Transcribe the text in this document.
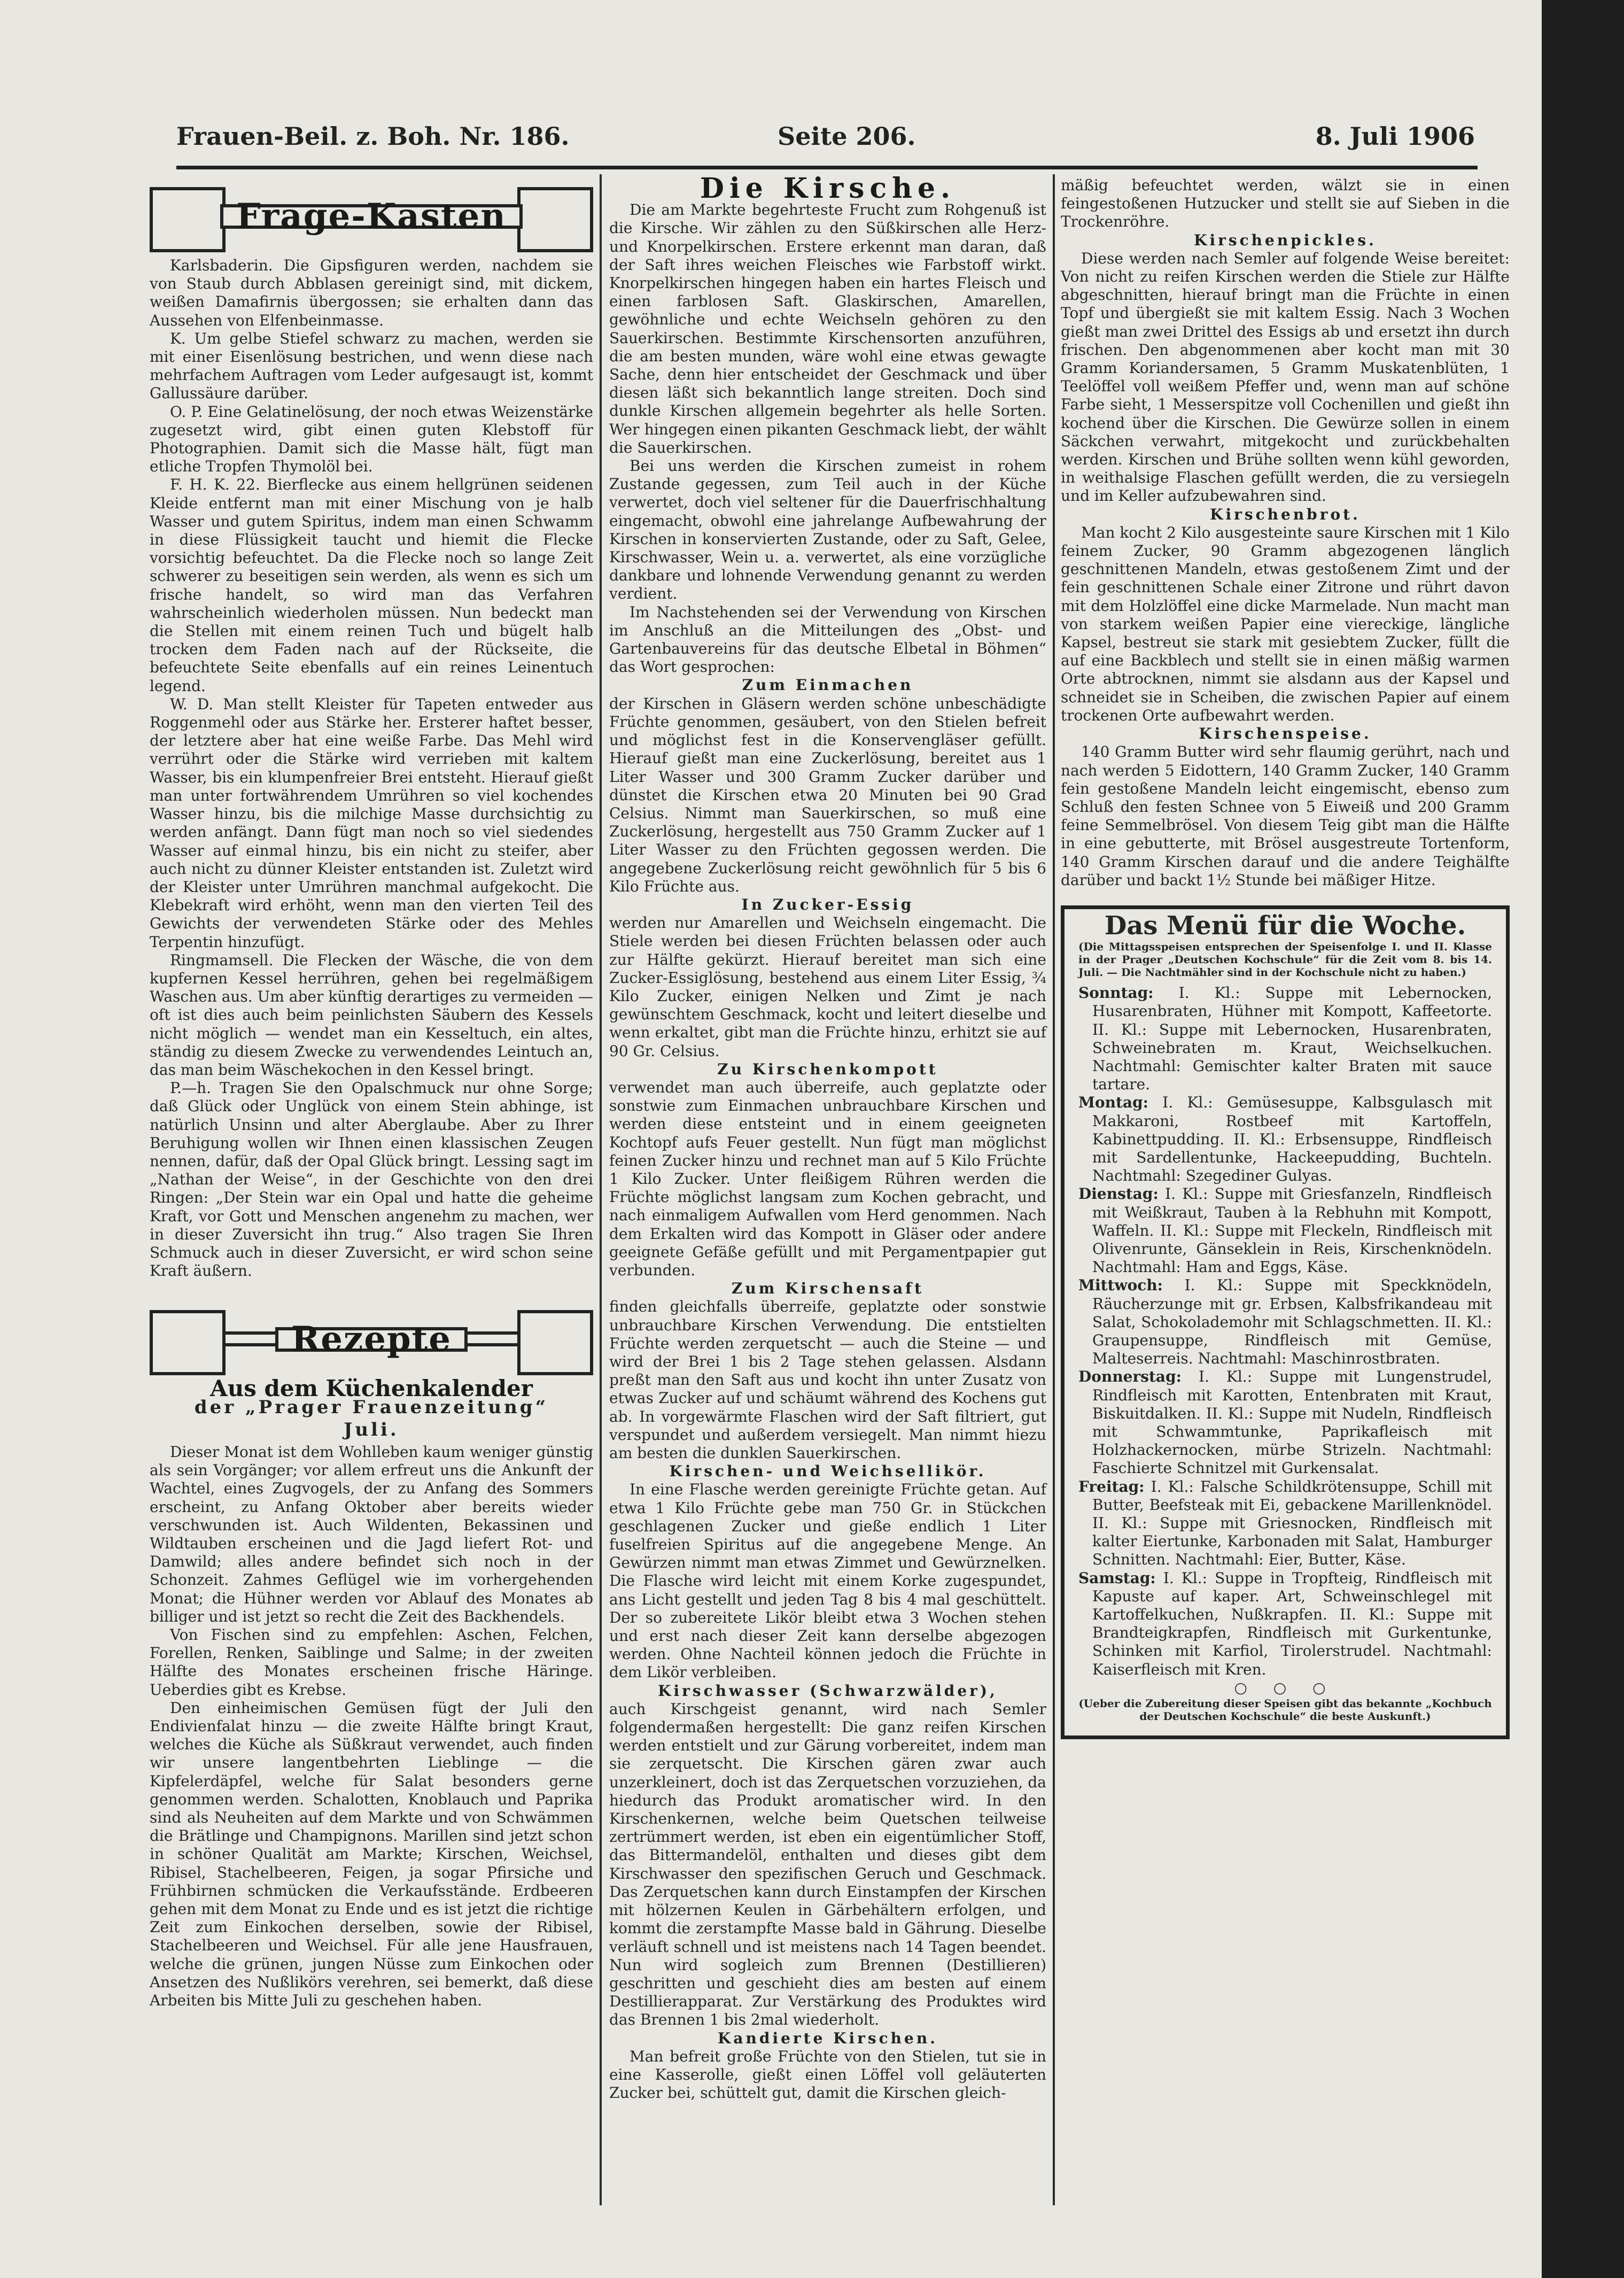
Frauen-Beil. z. Boh. Nr. 186.	Seite 206.	8. Juli 1906
Frage-Kasten

Karlsbaderin. Die Gipsfiguren werden, nachdem sie von Staub durch Abblasen gereinigt sind, mit dickem, weißen Damafirnis übergossen; sie erhalten dann das Aussehen von Elfenbeinmasse.

K. Um gelbe Stiefel schwarz zu machen, werden sie mit einer Eisenlösung bestrichen, und wenn diese nach mehrfachem Auftragen vom Leder aufgesaugt ist, kommt Gallussäure darüber.

O. P. Eine Gelatinelösung, der noch etwas Weizenstärke zugesetzt wird, gibt einen guten Klebstoff für Photographien. Damit sich die Masse hält, fügt man etliche Tropfen Thymolöl bei.

F. H. K. 22. Bierflecke aus einem hellgrünen seidenen Kleide entfernt man mit einer Mischung von je halb Wasser und gutem Spiritus, indem man einen Schwamm in diese Flüssigkeit taucht und hiemit die Flecke vorsichtig befeuchtet. Da die Flecke noch so lange Zeit schwerer zu beseitigen sein werden, als wenn es sich um frische handelt, so wird man das Verfahren wahrscheinlich wiederholen müssen. Nun bedeckt man die Stellen mit einem reinen Tuch und bügelt halb trocken dem Faden nach auf der Rückseite, die befeuchtete Seite ebenfalls auf ein reines Leinentuch legend.

W. D. Man stellt Kleister für Tapeten entweder aus Roggenmehl oder aus Stärke her. Ersterer haftet besser, der letztere aber hat eine weiße Farbe. Das Mehl wird verrührt oder die Stärke wird verrieben mit kaltem Wasser, bis ein klumpenfreier Brei entsteht. Hierauf gießt man unter fortwährendem Umrühren so viel kochendes Wasser hinzu, bis die milchige Masse durchsichtig zu werden anfängt. Dann fügt man noch so viel siedendes Wasser auf einmal hinzu, bis ein nicht zu steifer, aber auch nicht zu dünner Kleister entstanden ist. Zuletzt wird der Kleister unter Umrühren manchmal aufgekocht. Die Klebekraft wird erhöht, wenn man den vierten Teil des Gewichts der verwendeten Stärke oder des Mehles Terpentin hinzufügt.

Ringmamsell. Die Flecken der Wäsche, die von dem kupfernen Kessel herrühren, gehen bei regelmäßigem Waschen aus. Um aber künftig derartiges zu vermeiden — oft ist dies auch beim peinlichsten Säubern des Kessels nicht möglich — wendet man ein Kesseltuch, ein altes, ständig zu diesem Zwecke zu verwendendes Leintuch an, das man beim Wäschekochen in den Kessel bringt.

P.—h. Tragen Sie den Opalschmuck nur ohne Sorge; daß Glück oder Unglück von einem Stein abhinge, ist natürlich Unsinn und alter Aberglaube. Aber zu Ihrer Beruhigung wollen wir Ihnen einen klassischen Zeugen nennen, dafür, daß der Opal Glück bringt. Lessing sagt im „Nathan der Weise“, in der Geschichte von den drei Ringen: „Der Stein war ein Opal und hatte die geheime Kraft, vor Gott und Menschen angenehm zu machen, wer in dieser Zuversicht ihn trug.“ Also tragen Sie Ihren Schmuck auch in dieser Zuversicht, er wird schon seine Kraft äußern.

Rezepte
Aus dem Küchenkalender
der „Prager Frauenzeitung“
Juli.

Dieser Monat ist dem Wohlleben kaum weniger günstig als sein Vorgänger; vor allem erfreut uns die Ankunft der Wachtel, eines Zugvogels, der zu Anfang des Sommers erscheint, zu Anfang Oktober aber bereits wieder verschwunden ist. Auch Wildenten, Bekassinen und Wildtauben erscheinen und die Jagd liefert Rot- und Damwild; alles andere befindet sich noch in der Schonzeit. Zahmes Geflügel wie im vorhergehenden Monat; die Hühner werden vor Ablauf des Monates ab billiger und ist jetzt so recht die Zeit des Backhendels.

Von Fischen sind zu empfehlen: Aschen, Felchen, Forellen, Renken, Saiblinge und Salme; in der zweiten Hälfte des Monates erscheinen frische Häringe. Ueberdies gibt es Krebse.

Den einheimischen Gemüsen fügt der Juli den Endivienfalat hinzu — die zweite Hälfte bringt Kraut, welches die Küche als Süßkraut verwendet, auch finden wir unsere langentbehrten Lieblinge — die Kipfelerdäpfel, welche für Salat besonders gerne genommen werden. Schalotten, Knoblauch und Paprika sind als Neuheiten auf dem Markte und von Schwämmen die Brätlinge und Champignons. Marillen sind jetzt schon in schöner Qualität am Markte; Kirschen, Weichsel, Ribisel, Stachelbeeren, Feigen, ja sogar Pfirsiche und Frühbirnen schmücken die Verkaufsstände. Erdbeeren gehen mit dem Monat zu Ende und es ist jetzt die richtige Zeit zum Einkochen derselben, sowie der Ribisel, Stachelbeeren und Weichsel. Für alle jene Hausfrauen, welche die grünen, jungen Nüsse zum Einkochen oder Ansetzen des Nußlikörs verehren, sei bemerkt, daß diese Arbeiten bis Mitte Juli zu geschehen haben.

Die Kirsche.

Die am Markte begehrteste Frucht zum Rohgenuß ist die Kirsche. Wir zählen zu den Süßkirschen alle Herz- und Knorpelkirschen. Erstere erkennt man daran, daß der Saft ihres weichen Fleisches wie Farbstoff wirkt. Knorpelkirschen hingegen haben ein hartes Fleisch und einen farblosen Saft. Glaskirschen, Amarellen, gewöhnliche und echte Weichseln gehören zu den Sauerkirschen. Bestimmte Kirschensorten anzuführen, die am besten munden, wäre wohl eine etwas gewagte Sache, denn hier entscheidet der Geschmack und über diesen läßt sich bekanntlich lange streiten. Doch sind dunkle Kirschen allgemein begehrter als helle Sorten. Wer hingegen einen pikanten Geschmack liebt, der wählt die Sauerkirschen.

Bei uns werden die Kirschen zumeist in rohem Zustande gegessen, zum Teil auch in der Küche verwertet, doch viel seltener für die Dauerfrischhaltung eingemacht, obwohl eine jahrelange Aufbewahrung der Kirschen in konservierten Zustande, oder zu Saft, Gelee, Kirschwasser, Wein u. a. verwertet, als eine vorzügliche dankbare und lohnende Verwendung genannt zu werden verdient.

Im Nachstehenden sei der Verwendung von Kirschen im Anschluß an die Mitteilungen des „Obst- und Gartenbauvereins für das deutsche Elbetal in Böhmen“ das Wort gesprochen:

Zum Einmachen

der Kirschen in Gläsern werden schöne unbeschädigte Früchte genommen, gesäubert, von den Stielen befreit und möglichst fest in die Konservengläser gefüllt. Hierauf gießt man eine Zuckerlösung, bereitet aus 1 Liter Wasser und 300 Gramm Zucker darüber und dünstet die Kirschen etwa 20 Minuten bei 90 Grad Celsius. Nimmt man Sauerkirschen, so muß eine Zuckerlösung, hergestellt aus 750 Gramm Zucker auf 1 Liter Wasser zu den Früchten gegossen werden. Die angegebene Zuckerlösung reicht gewöhnlich für 5 bis 6 Kilo Früchte aus.

In Zucker-Essig

werden nur Amarellen und Weichseln eingemacht. Die Stiele werden bei diesen Früchten belassen oder auch zur Hälfte gekürzt. Hierauf bereitet man sich eine Zucker-Essiglösung, bestehend aus einem Liter Essig, ¾ Kilo Zucker, einigen Nelken und Zimt je nach gewünschtem Geschmack, kocht und leitert dieselbe und wenn erkaltet, gibt man die Früchte hinzu, erhitzt sie auf 90 Gr. Celsius.

Zu Kirschenkompott

verwendet man auch überreife, auch geplatzte oder sonstwie zum Einmachen unbrauchbare Kirschen und werden diese entsteint und in einem geeigneten Kochtopf aufs Feuer gestellt. Nun fügt man möglichst feinen Zucker hinzu und rechnet man auf 5 Kilo Früchte 1 Kilo Zucker. Unter fleißigem Rühren werden die Früchte möglichst langsam zum Kochen gebracht, und nach einmaligem Aufwallen vom Herd genommen. Nach dem Erkalten wird das Kompott in Gläser oder andere geeignete Gefäße gefüllt und mit Pergamentpapier gut verbunden.

Zum Kirschensaft

finden gleichfalls überreife, geplatzte oder sonstwie unbrauchbare Kirschen Verwendung. Die entstielten Früchte werden zerquetscht — auch die Steine — und wird der Brei 1 bis 2 Tage stehen gelassen. Alsdann preßt man den Saft aus und kocht ihn unter Zusatz von etwas Zucker auf und schäumt während des Kochens gut ab. In vorgewärmte Flaschen wird der Saft filtriert, gut verspundet und außerdem versiegelt. Man nimmt hiezu am besten die dunklen Sauerkirschen.

Kirschen- und Weichsellikör.

In eine Flasche werden gereinigte Früchte getan. Auf etwa 1 Kilo Früchte gebe man 750 Gr. in Stückchen geschlagenen Zucker und gieße endlich 1 Liter fuselfreien Spiritus auf die angegebene Menge. An Gewürzen nimmt man etwas Zimmet und Gewürznelken. Die Flasche wird leicht mit einem Korke zugespundet, ans Licht gestellt und jeden Tag 8 bis 4 mal geschüttelt. Der so zubereitete Likör bleibt etwa 3 Wochen stehen und erst nach dieser Zeit kann derselbe abgezogen werden. Ohne Nachteil können jedoch die Früchte in dem Likör verbleiben.

Kirschwasser (Schwarzwälder),

auch Kirschgeist genannt, wird nach Semler folgendermaßen hergestellt: Die ganz reifen Kirschen werden entstielt und zur Gärung vorbereitet, indem man sie zerquetscht. Die Kirschen gären zwar auch unzerkleinert, doch ist das Zerquetschen vorzuziehen, da hiedurch das Produkt aromatischer wird. In den Kirschenkernen, welche beim Quetschen teilweise zertrümmert werden, ist eben ein eigentümlicher Stoff, das Bittermandelöl, enthalten und dieses gibt dem Kirschwasser den spezifischen Geruch und Geschmack. Das Zerquetschen kann durch Einstampfen der Kirschen mit hölzernen Keulen in Gärbehältern erfolgen, und kommt die zerstampfte Masse bald in Gährung. Dieselbe verläuft schnell und ist meistens nach 14 Tagen beendet. Nun wird sogleich zum Brennen (Destillieren) geschritten und geschieht dies am besten auf einem Destillierapparat. Zur Verstärkung des Produktes wird das Brennen 1 bis 2mal wiederholt.

Kandierte Kirschen.

Man befreit große Früchte von den Stielen, tut sie in eine Kasserolle, gießt einen Löffel voll geläuterten Zucker bei, schüttelt gut, damit die Kirschen gleich-

mäßig befeuchtet werden, wälzt sie in einen feingestoßenen Hutzucker und stellt sie auf Sieben in die Trockenröhre.

Kirschenpickles.

Diese werden nach Semler auf folgende Weise bereitet: Von nicht zu reifen Kirschen werden die Stiele zur Hälfte abgeschnitten, hierauf bringt man die Früchte in einen Topf und übergießt sie mit kaltem Essig. Nach 3 Wochen gießt man zwei Drittel des Essigs ab und ersetzt ihn durch frischen. Den abgenommenen aber kocht man mit 30 Gramm Koriandersamen, 5 Gramm Muskatenblüten, 1 Teelöffel voll weißem Pfeffer und, wenn man auf schöne Farbe sieht, 1 Messerspitze voll Cochenillen und gießt ihn kochend über die Kirschen. Die Gewürze sollen in einem Säckchen verwahrt, mitgekocht und zurückbehalten werden. Kirschen und Brühe sollten wenn kühl geworden, in weithalsige Flaschen gefüllt werden, die zu versiegeln und im Keller aufzubewahren sind.

Kirschenbrot.

Man kocht 2 Kilo ausgesteinte saure Kirschen mit 1 Kilo feinem Zucker, 90 Gramm abgezogenen länglich geschnittenen Mandeln, etwas gestoßenem Zimt und der fein geschnittenen Schale einer Zitrone und rührt davon mit dem Holzlöffel eine dicke Marmelade. Nun macht man von starkem weißen Papier eine viereckige, längliche Kapsel, bestreut sie stark mit gesiebtem Zucker, füllt die auf eine Backblech und stellt sie in einen mäßig warmen Orte abtrocknen, nimmt sie alsdann aus der Kapsel und schneidet sie in Scheiben, die zwischen Papier auf einem trockenen Orte aufbewahrt werden.

Kirschenspeise.

140 Gramm Butter wird sehr flaumig gerührt, nach und nach werden 5 Eidottern, 140 Gramm Zucker, 140 Gramm fein gestoßene Mandeln leicht eingemischt, ebenso zum Schluß den festen Schnee von 5 Eiweiß und 200 Gramm feine Semmelbrösel. Von diesem Teig gibt man die Hälfte in eine gebutterte, mit Brösel ausgestreute Tortenform, 140 Gramm Kirschen darauf und die andere Teighälfte darüber und backt 1½ Stunde bei mäßiger Hitze.

Das Menü für die Woche.
(Die Mittagsspeisen entsprechen der Speisenfolge I. und II. Klasse in der Prager „Deutschen Kochschule“ für die Zeit vom 8. bis 14. Juli. — Die Nachtmähler sind in der Kochschule nicht zu haben.)

Sonntag: I. Kl.: Suppe mit Lebernocken, Husarenbraten, Hühner mit Kompott, Kaffeetorte. II. Kl.: Suppe mit Lebernocken, Husarenbraten, Schweinebraten m. Kraut, Weichselkuchen. Nachtmahl: Gemischter kalter Braten mit sauce tartare.

Montag: I. Kl.: Gemüsesuppe, Kalbsgulasch mit Makkaroni, Rostbeef mit Kartoffeln, Kabinettpudding. II. Kl.: Erbsensuppe, Rindfleisch mit Sardellentunke, Hackeepudding, Buchteln. Nachtmahl: Szegediner Gulyas.

Dienstag: I. Kl.: Suppe mit Griesfanzeln, Rindfleisch mit Weißkraut, Tauben à la Rebhuhn mit Kompott, Waffeln. II. Kl.: Suppe mit Fleckeln, Rindfleisch mit Olivenrunte, Gänseklein in Reis, Kirschenknödeln. Nachtmahl: Ham and Eggs, Käse.

Mittwoch: I. Kl.: Suppe mit Speckknödeln, Räucherzunge mit gr. Erbsen, Kalbsfrikandeau mit Salat, Schokolademohr mit Schlagschmetten. II. Kl.: Graupensuppe, Rindfleisch mit Gemüse, Malteserreis. Nachtmahl: Maschinrostbraten.

Donnerstag: I. Kl.: Suppe mit Lungenstrudel, Rindfleisch mit Karotten, Entenbraten mit Kraut, Biskuitdalken. II. Kl.: Suppe mit Nudeln, Rindfleisch mit Schwammtunke, Paprikafleisch mit Holzhackernocken, mürbe Strizeln. Nachtmahl: Faschierte Schnitzel mit Gurkensalat.

Freitag: I. Kl.: Falsche Schildkrötensuppe, Schill mit Butter, Beefsteak mit Ei, gebackene Marillenknödel. II. Kl.: Suppe mit Griesnocken, Rindfleisch mit kalter Eiertunke, Karbonaden mit Salat, Hamburger Schnitten. Nachtmahl: Eier, Butter, Käse.

Samstag: I. Kl.: Suppe in Tropfteig, Rindfleisch mit Kapuste auf kaper. Art, Schweinschlegel mit Kartoffelkuchen, Nußkrapfen. II. Kl.: Suppe mit Brandteigkrapfen, Rindfleisch mit Gurkentunke, Schinken mit Karfiol, Tirolerstrudel. Nachtmahl: Kaiserfleisch mit Kren.

○ ○ ○
(Ueber die Zubereitung dieser Speisen gibt das bekannte „Kochbuch der Deutschen Kochschule“ die beste Auskunft.)
